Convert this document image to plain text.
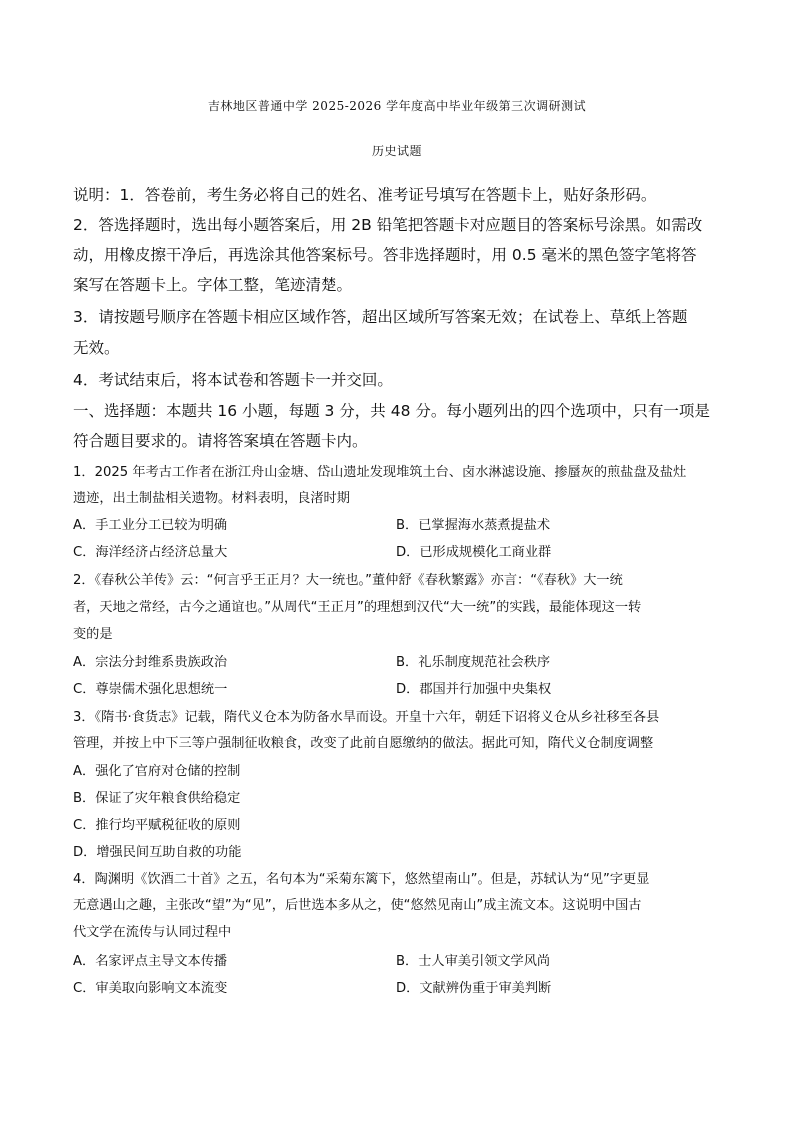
吉林地区普通中学 2025-2026 学年度高中毕业年级第三次调研测试
历史试题
说明：1．答卷前，考生务必将自己的姓名、准考证号填写在答题卡上，贴好条形码。
2．答选择题时，选出每小题答案后，用 2B 铅笔把答题卡对应题目的答案标号涂黑。如需改
动，用橡皮擦干净后，再选涂其他答案标号。答非选择题时，用 0.5 毫米的黑色签字笔将答
案写在答题卡上。字体工整，笔迹清楚。
3．请按题号顺序在答题卡相应区域作答，超出区域所写答案无效；在试卷上、草纸上答题
无效。
4．考试结束后，将本试卷和答题卡一并交回。
一、选择题：本题共 16 小题，每题 3 分，共 48 分。每小题列出的四个选项中，只有一项是
符合题目要求的。请将答案填在答题卡内。
1．2025 年考古工作者在浙江舟山金塘、岱山遗址发现堆筑土台、卤水淋滤设施、掺蜃灰的煎盐盘及盐灶
遗迹，出土制盐相关遗物。材料表明，良渚时期
A．手工业分工已较为明确	B．已掌握海水蒸煮提盐术
C．海洋经济占经济总量大	D．已形成规模化工商业群
2．《春秋公羊传》云：“何言乎王正月？大一统也。”董仲舒《春秋繁露》亦言：“《春秋》大一统
者，天地之常经，古今之通谊也。”从周代“王正月”的理想到汉代“大一统”的实践，最能体现这一转
变的是
A．宗法分封维系贵族政治	B．礼乐制度规范社会秩序
C．尊崇儒术强化思想统一	D．郡国并行加强中央集权
3．《隋书·食货志》记载，隋代义仓本为防备水旱而设。开皇十六年，朝廷下诏将义仓从乡社移至各县
管理，并按上中下三等户强制征收粮食，改变了此前自愿缴纳的做法。据此可知，隋代义仓制度调整
A．强化了官府对仓储的控制
B．保证了灾年粮食供给稳定
C．推行均平赋税征收的原则
D．增强民间互助自救的功能
4．陶渊明《饮酒二十首》之五，名句本为“采菊东篱下，悠然望南山”。但是，苏轼认为“见”字更显
无意遇山之趣，主张改“望”为“见”，后世选本多从之，使“悠然见南山”成主流文本。这说明中国古
代文学在流传与认同过程中
A．名家评点主导文本传播	B．士人审美引领文学风尚
C．审美取向影响文本流变	D．文献辨伪重于审美判断
